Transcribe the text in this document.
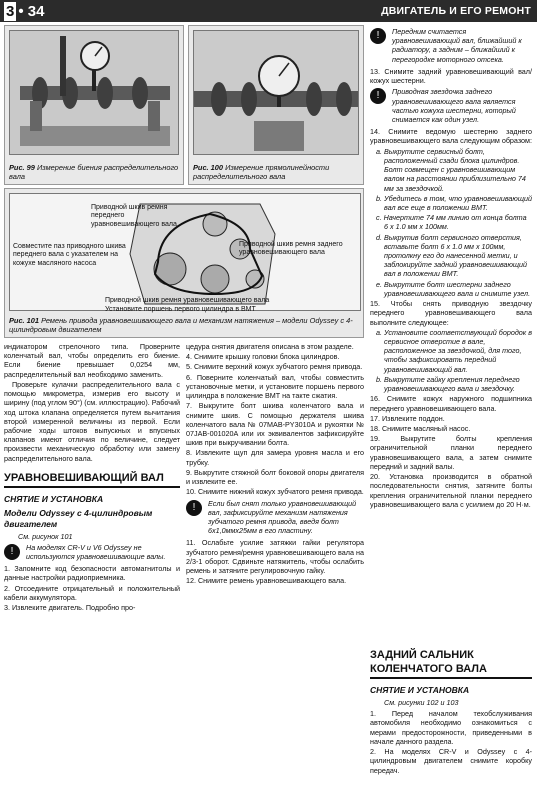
3 • 34	ДВИГАТЕЛЬ И ЕГО РЕМОНТ
Рис. 99 Измерение биения распределительного вала
Рис. 100 Измерение прямолинейности распределительного вала
Приводной шкив ремня переднего уравновешивающего вала
Совместите паз приводного шкива переднего вала с указателем на кожухе масляного насоса
Приводной шкив ремня заднего уравновешивающего вала
Приводной шкив ремня уравновешивающего вала
Установите поршень первого цилиндра в ВМТ
Рис. 101 Ремень привода уравновешивающего вала и механизм натяжения – модели Odyssey с 4-цилиндровым двигателем
!	Передним считается уравновешивающий вал, ближайший к радиатору, а задним – ближайший к перегородке моторного отсека.
13. Снимите задний уравновешивающий вал/кожух шестерни.
!	Приводная звездочка заднего уравновешивающего вала является частью кожуха шестерни, который снимается как один узел.
14. Снимите ведомую шестерню заднего уравновешивающего вала следующим образом:
а. Выкрутите сервисный болт, расположенный сзади блока цилиндров. Болт совмещен с уравновешивающим валом на расстоянии приблизительно 74 мм за звездочкой.
b. Убедитесь в том, что уравновешивающий вал все еще в положении ВМТ.
c. Начертите 74 мм линию от конца болта 6 х 1.0 мм х 100мм.
d. Выкрутив болт сервисного отверстия, вставьте болт 6 х 1.0 мм х 100мм, протолкну его до нанесенной метки, и заблокируйте задний уравновешивающий вал в положении ВМТ.
e. Выкрутите болт шестерни заднего уравновешивающего вала и снимите узел.
15. Чтобы снять приводную звездочку переднего уравновешивающего вала выполните следующее:
а. Установите соответствующий бородок в сервисное отверстие в вале, расположенное за звездочкой, для того, чтобы зафиксировать передний уравновешивающий вал.
b. Выкрутите гайку крепления переднего уравновешивающего вала и звездочку.
16. Снимите кожух наружного подшипника переднего уравновешивающего вала.
17. Извлеките поддон.
18. Снимите масляный насос.
19. Выкрутите болты крепления ограничительной планки переднего уравновешивающего вала, а затем снимите передний и задний валы.
20. Установка производится в обратной последовательности снятия, затяните болты крепления ограничительной планки переднего уравновешивающего вала с усилием до 20 Н·м.
индикатором стрелочного типа. Проверните коленчатый вал, чтобы определить его биение. Если биение превышает 0,0254 мм, распределительный вал необходимо заменить.
Проверьте кулачки распределительного вала с помощью микрометра, измерив его высоту и ширину (под углом 90°) (см. иллюстрацию). Рабочий ход штока клапана определяется путем вычитания второй измеренной величины из первой. Если рабочие ходы штоков выпускных и впускных клапанов имеют отличия по величине, следует произвести механическую обработку или замену распределительного вала.
УРАВНОВЕШИВАЮЩИЙ ВАЛ
СНЯТИЕ И УСТАНОВКА
Модели Odyssey с 4-цилиндровым двигателем
См. рисунок 101
!	На моделях CR-V и V6 Odyssey не используются уравновешивающие валы.
1. Запомните код безопасности автомагнитолы и данные настройки радиоприемника.
2. Отсоедините отрицательный и положительный кабели аккумулятора.
3. Извлеките двигатель. Подробно про-
цедура снятия двигателя описана в этом разделе.
4. Снимите крышку головки блока цилиндров.
5. Снимите верхний кожух зубчатого ремня привода.
6. Поверните коленчатый вал, чтобы совместить установочные метки, и установите поршень первого цилиндра в положение ВМТ на такте сжатия.
7. Выкрутите болт шкива коленчатого вала и снимите шкив. С помощью держателя шкива коленчатого вала № 07MAB-PY3010A и рукоятки № 07JAB-001020A или их эквивалентов зафиксируйте шкив при выкручивании болта.
8. Извлеките щуп для замера уровня масла и его трубку.
9. Выкрутите стяжной болт боковой опоры двигателя и извлеките ее.
10. Снимите нижний кожух зубчатого ремня привода.
!	Если был снят только уравновешивающий вал, зафиксируйте механизм натяжения зубчатого ремня привода, введя болт 6х1,0ммх25мм в его пластину.
11. Ослабьте усилие затяжки гайки регулятора зубчатого ремня/ремня уравновешивающего вала на 2/3-1 оборот. Сдвиньте натяжитель, чтобы ослабить ремень и затяните регулировочную гайку.
12. Снимите ремень уравновешивающего вала.
ЗАДНИЙ САЛЬНИК КОЛЕНЧАТОГО ВАЛА
СНЯТИЕ И УСТАНОВКА
См. рисунки 102 и 103
1. Перед началом техобслуживания автомобиля необходимо ознакомиться с мерами предосторожности, приведенными в начале данного раздела.
2. На моделях CR-V и Odyssey с 4-цилиндровым двигателем снимите коробку передач.
